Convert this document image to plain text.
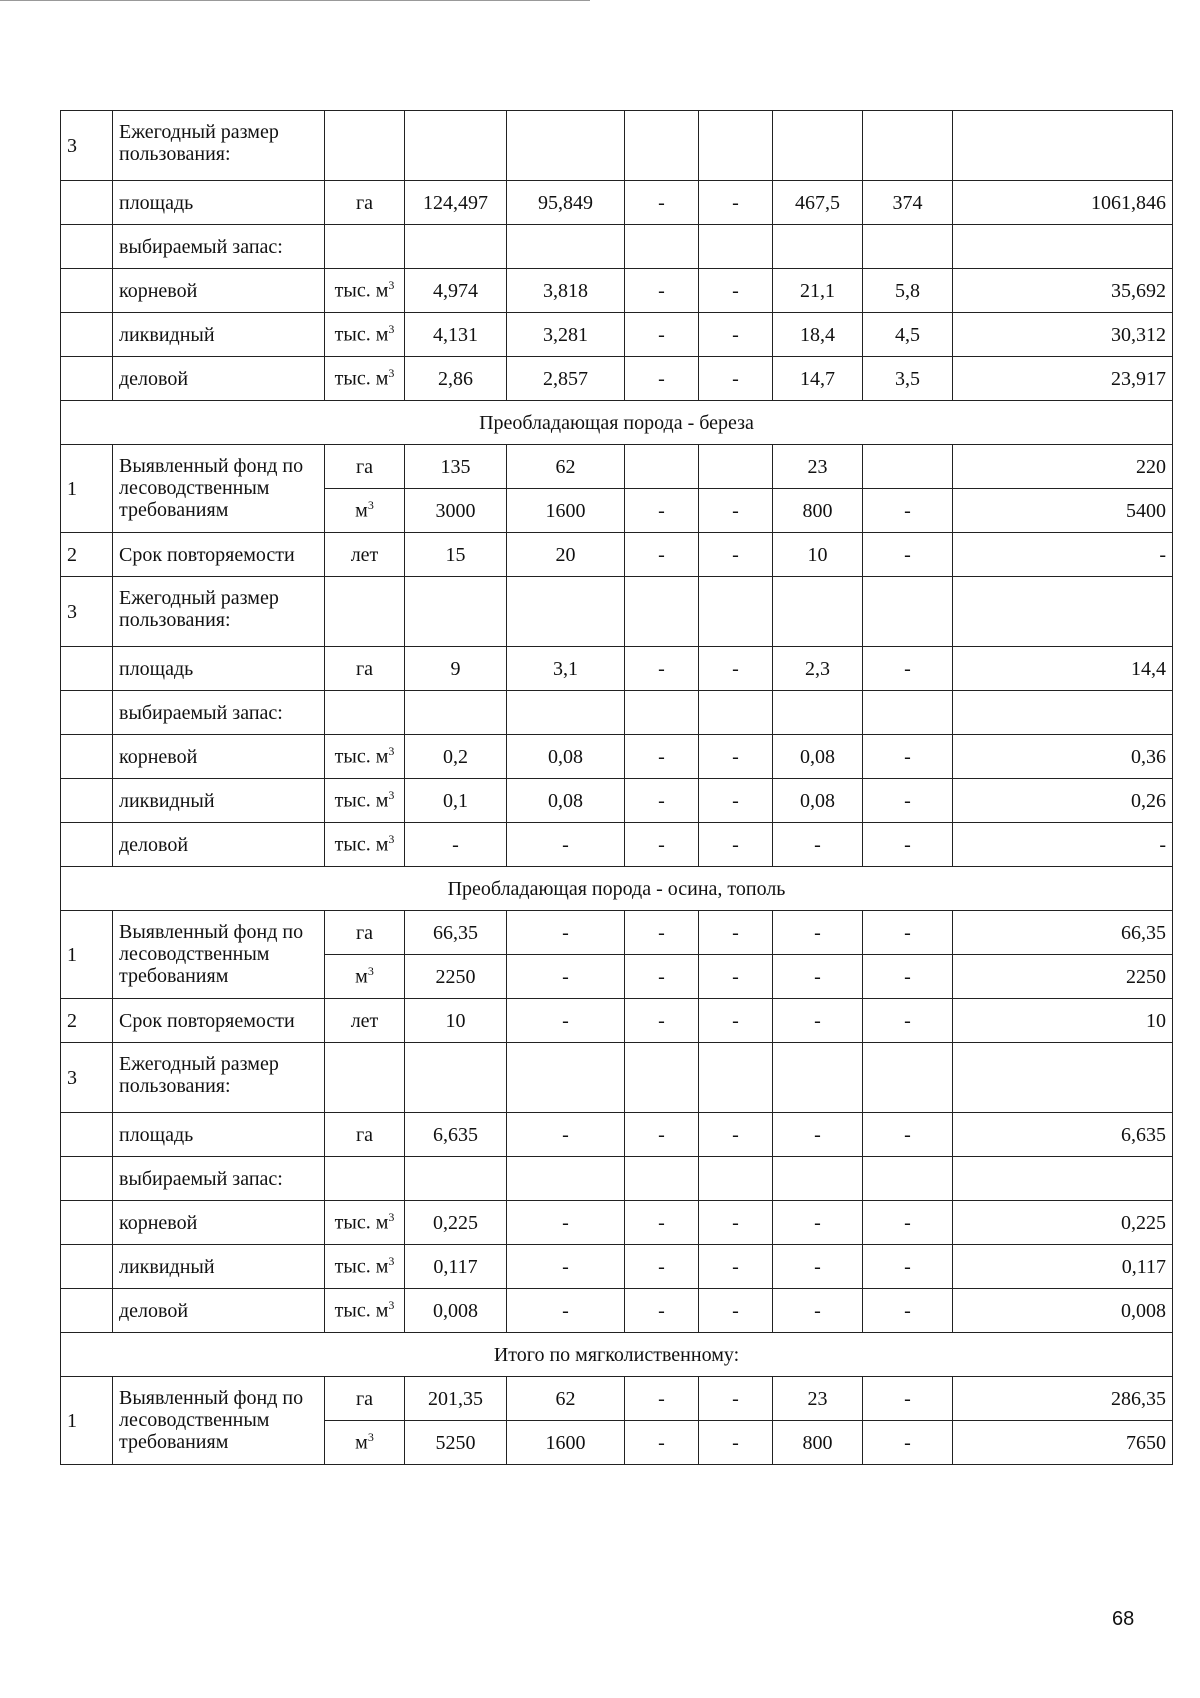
3	Ежегодный размер пользования:								
	площадь	га	124,497	95,849	-	-	467,5	374	1061,846
	выбираемый запас:								
	корневой	тыс. $м^3$	4,974	3,818	-	-	21,1	5,8	35,692
	ликвидный	тыс. $м^3$	4,131	3,281	-	-	18,4	4,5	30,312
	деловой	тыс. $м^3$	2,86	2,857	-	-	14,7	3,5	23,917
Преобладающая порода - береза									
1	Выявленный фонд по лесоводственным требованиям	га	135	62			23		220
		$м^3$	3000	1600	-	-	800	-	5400
2	Срок повторяемости	лет	15	20	-	-	10	-	-
3	Ежегодный размер пользования:								
	площадь	га	9	3,1	-	-	2,3	-	14,4
	выбираемый запас:								
	корневой	тыс. $м^3$	0,2	0,08	-	-	0,08	-	0,36
	ликвидный	тыс. $м^3$	0,1	0,08	-	-	0,08	-	0,26
	деловой	тыс. $м^3$	-	-	-	-	-	-	-
Преобладающая порода - осина, тополь									
1	Выявленный фонд по лесоводственным требованиям	га	66,35	-	-	-	-	-	66,35
		$м^3$	2250	-	-	-	-	-	2250
2	Срок повторяемости	лет	10	-	-	-	-	-	10
3	Ежегодный размер пользования:								
	площадь	га	6,635	-	-	-	-	-	6,635
	выбираемый запас:								
	корневой	тыс. $м^3$	0,225	-	-	-	-	-	0,225
	ликвидный	тыс. $м^3$	0,117	-	-	-	-	-	0,117
	деловой	тыс. $м^3$	0,008	-	-	-	-	-	0,008
Итого по мягколиственному:									
1	Выявленный фонд по лесоводственным требованиям	га	201,35	62	-	-	23	-	286,35
		$м^3$	5250	1600	-	-	800	-	7650
68
